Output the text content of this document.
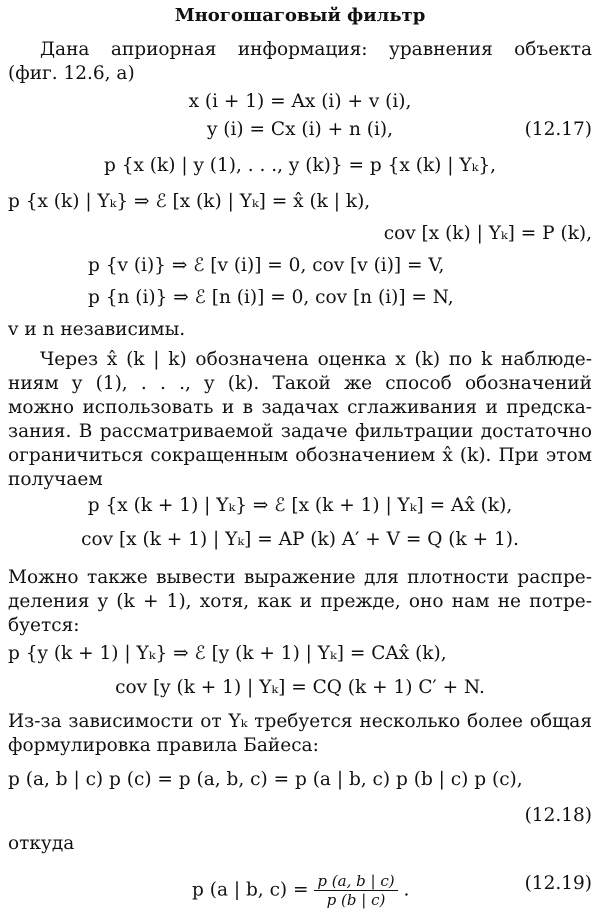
Многошаговый фильтр
Дана априорная информация: уравнения объекта
(фиг. 12.6, а)
x (i + 1) = Ax (i) + v (i),
y (i) = Cx (i) + n (i),	(12.17)
p {x (k) | y (1), . . ., y (k)} = p {x (k) | Yₖ},
p {x (k) | Yₖ} ⇒ ℰ [x (k) | Yₖ] = x̂ (k | k),
cov [x (k) | Yₖ] = P (k),
p {v (i)} ⇒ ℰ [v (i)] = 0, cov [v (i)] = V,
p {n (i)} ⇒ ℰ [n (i)] = 0, cov [n (i)] = N,
v и n независимы.
Через x̂ (k | k) обозначена оценка x (k) по k наблюде-
ниям y (1), . . ., y (k). Такой же способ обозначений
можно использовать и в задачах сглаживания и предска-
зания. В рассматриваемой задаче фильтрации достаточно
ограничиться сокращенным обозначением x̂ (k). При этом
получаем
p {x (k + 1) | Yₖ} ⇒ ℰ [x (k + 1) | Yₖ] = Ax̂ (k),
cov [x (k + 1) | Yₖ] = AP (k) A′ + V = Q (k + 1).
Можно также вывести выражение для плотности распре-
деления y (k + 1), хотя, как и прежде, оно нам не потре-
буется:
p {y (k + 1) | Yₖ} ⇒ ℰ [y (k + 1) | Yₖ] = CAx̂ (k),
cov [y (k + 1) | Yₖ] = CQ (k + 1) C′ + N.
Из-за зависимости от Yₖ требуется несколько более общая
формулировка правила Байеса:
p (a, b | c) p (c) = p (a, b, c) = p (a | b, c) p (b | c) p (c),
(12.18)
откуда
p (a | b, $c) = \frac{p (a, b | c)}{p (b | c)}$ .	(12.19)
